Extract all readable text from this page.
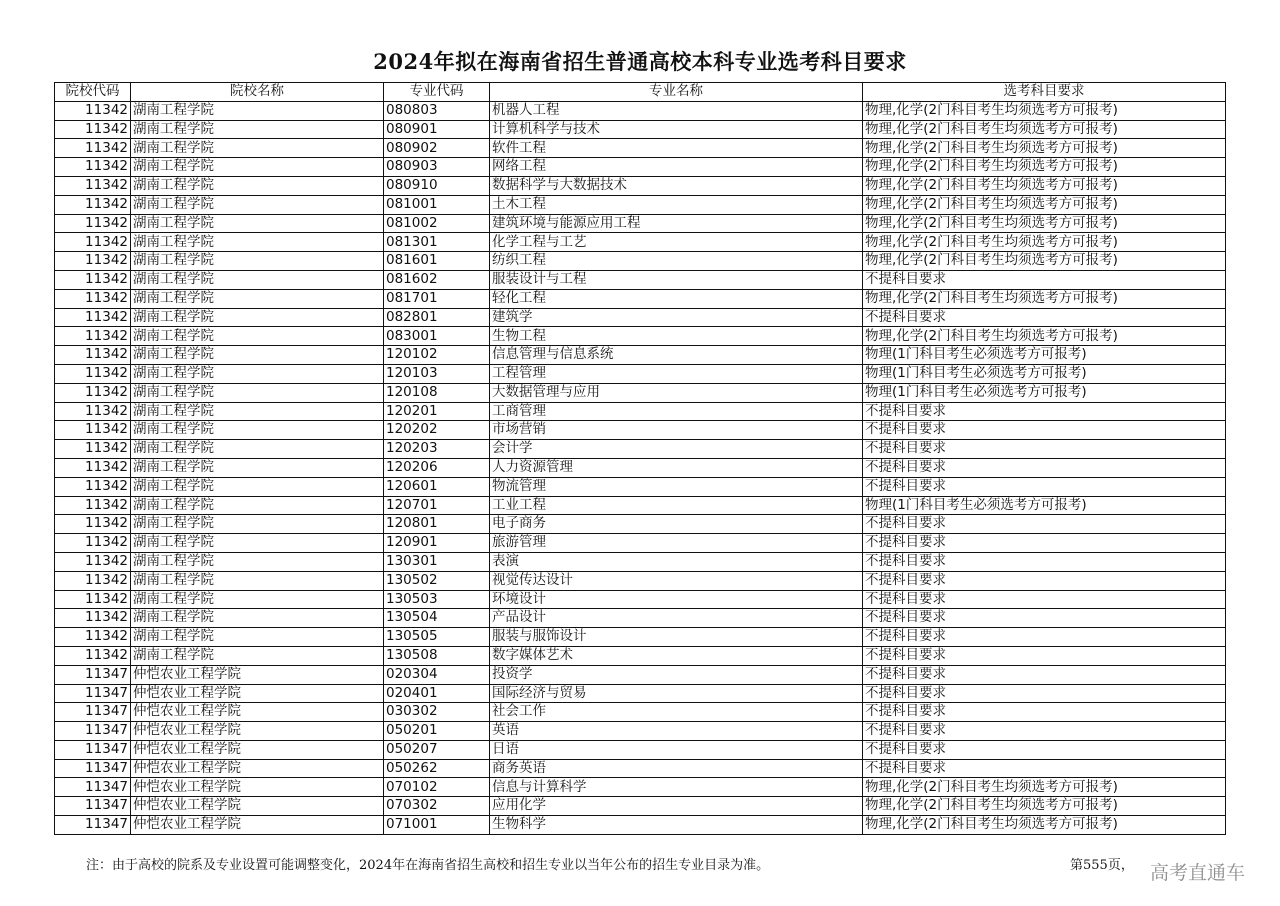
2024年拟在海南省招生普通高校本科专业选考科目要求
院校代码	院校名称	专业代码	专业名称	选考科目要求
11342	湖南工程学院	080803	机器人工程	物理,化学(2门科目考生均须选考方可报考)
11342	湖南工程学院	080901	计算机科学与技术	物理,化学(2门科目考生均须选考方可报考)
11342	湖南工程学院	080902	软件工程	物理,化学(2门科目考生均须选考方可报考)
11342	湖南工程学院	080903	网络工程	物理,化学(2门科目考生均须选考方可报考)
11342	湖南工程学院	080910	数据科学与大数据技术	物理,化学(2门科目考生均须选考方可报考)
11342	湖南工程学院	081001	土木工程	物理,化学(2门科目考生均须选考方可报考)
11342	湖南工程学院	081002	建筑环境与能源应用工程	物理,化学(2门科目考生均须选考方可报考)
11342	湖南工程学院	081301	化学工程与工艺	物理,化学(2门科目考生均须选考方可报考)
11342	湖南工程学院	081601	纺织工程	物理,化学(2门科目考生均须选考方可报考)
11342	湖南工程学院	081602	服装设计与工程	不提科目要求
11342	湖南工程学院	081701	轻化工程	物理,化学(2门科目考生均须选考方可报考)
11342	湖南工程学院	082801	建筑学	不提科目要求
11342	湖南工程学院	083001	生物工程	物理,化学(2门科目考生均须选考方可报考)
11342	湖南工程学院	120102	信息管理与信息系统	物理(1门科目考生必须选考方可报考)
11342	湖南工程学院	120103	工程管理	物理(1门科目考生必须选考方可报考)
11342	湖南工程学院	120108	大数据管理与应用	物理(1门科目考生必须选考方可报考)
11342	湖南工程学院	120201	工商管理	不提科目要求
11342	湖南工程学院	120202	市场营销	不提科目要求
11342	湖南工程学院	120203	会计学	不提科目要求
11342	湖南工程学院	120206	人力资源管理	不提科目要求
11342	湖南工程学院	120601	物流管理	不提科目要求
11342	湖南工程学院	120701	工业工程	物理(1门科目考生必须选考方可报考)
11342	湖南工程学院	120801	电子商务	不提科目要求
11342	湖南工程学院	120901	旅游管理	不提科目要求
11342	湖南工程学院	130301	表演	不提科目要求
11342	湖南工程学院	130502	视觉传达设计	不提科目要求
11342	湖南工程学院	130503	环境设计	不提科目要求
11342	湖南工程学院	130504	产品设计	不提科目要求
11342	湖南工程学院	130505	服装与服饰设计	不提科目要求
11342	湖南工程学院	130508	数字媒体艺术	不提科目要求
11347	仲恺农业工程学院	020304	投资学	不提科目要求
11347	仲恺农业工程学院	020401	国际经济与贸易	不提科目要求
11347	仲恺农业工程学院	030302	社会工作	不提科目要求
11347	仲恺农业工程学院	050201	英语	不提科目要求
11347	仲恺农业工程学院	050207	日语	不提科目要求
11347	仲恺农业工程学院	050262	商务英语	不提科目要求
11347	仲恺农业工程学院	070102	信息与计算科学	物理,化学(2门科目考生均须选考方可报考)
11347	仲恺农业工程学院	070302	应用化学	物理,化学(2门科目考生均须选考方可报考)
11347	仲恺农业工程学院	071001	生物科学	物理,化学(2门科目考生均须选考方可报考)
注：由于高校的院系及专业设置可能调整变化，2024年在海南省招生高校和招生专业以当年公布的招生专业目录为准。	第555页， 高考直通车
